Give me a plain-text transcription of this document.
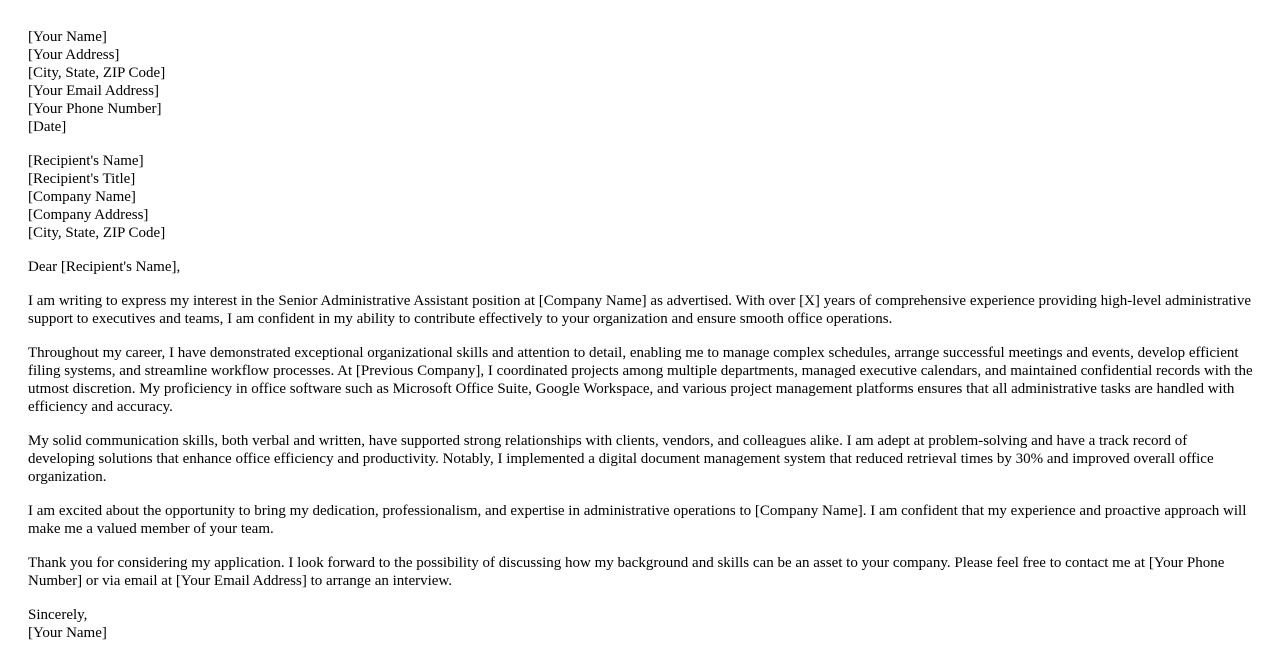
[Your Name]
[Your Address]
[City, State, ZIP Code]
[Your Email Address]
[Your Phone Number]
[Date]
[Recipient's Name]
[Recipient's Title]
[Company Name]
[Company Address]
[City, State, ZIP Code]

Dear [Recipient's Name],

I am writing to express my interest in the Senior Administrative Assistant position at [Company Name] as advertised. With over [X] years of comprehensive experience providing high-level administrative support to executives and teams, I am confident in my ability to contribute effectively to your organization and ensure smooth office operations.

Throughout my career, I have demonstrated exceptional organizational skills and attention to detail, enabling me to manage complex schedules, arrange successful meetings and events, develop efficient filing systems, and streamline workflow processes. At [Previous Company], I coordinated projects among multiple departments, managed executive calendars, and maintained confidential records with the utmost discretion. My proficiency in office software such as Microsoft Office Suite, Google Workspace, and various project management platforms ensures that all administrative tasks are handled with efficiency and accuracy.

My solid communication skills, both verbal and written, have supported strong relationships with clients, vendors, and colleagues alike. I am adept at problem-solving and have a track record of developing solutions that enhance office efficiency and productivity. Notably, I implemented a digital document management system that reduced retrieval times by 30% and improved overall office organization.

I am excited about the opportunity to bring my dedication, professionalism, and expertise in administrative operations to [Company Name]. I am confident that my experience and proactive approach will make me a valued member of your team.

Thank you for considering my application. I look forward to the possibility of discussing how my background and skills can be an asset to your company. Please feel free to contact me at [Your Phone Number] or via email at [Your Email Address] to arrange an interview.

Sincerely,
[Your Name]
